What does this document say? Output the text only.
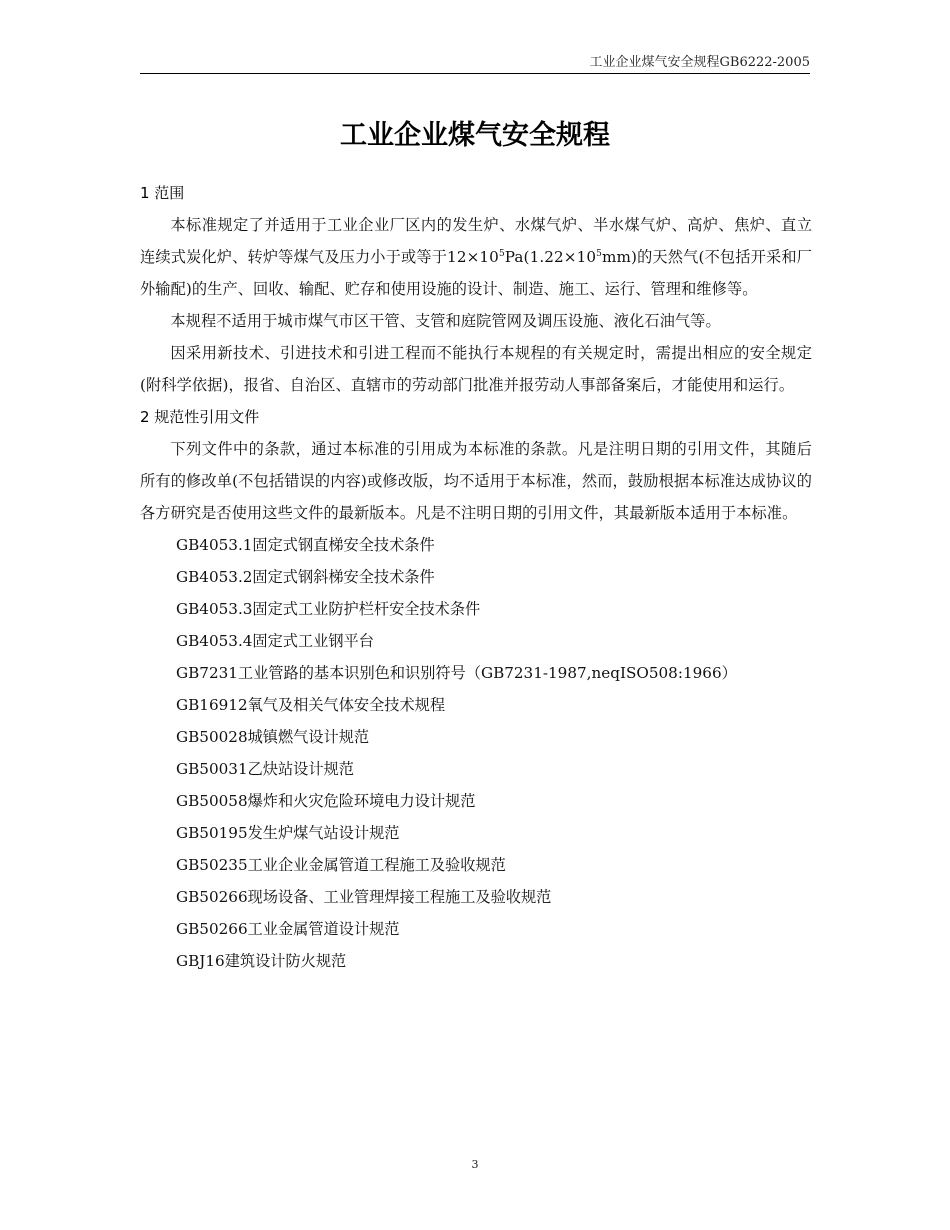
工业企业煤气安全规程GB6222-2005
工业企业煤气安全规程
1 范围

本标准规定了并适用于工业企业厂区内的发生炉、水煤气炉、半水煤气炉、高炉、焦炉、直立连续式炭化炉、转炉等煤气及压力小于或等于$12\times 10^5Pa(1.22\times 10^5mm)$的天然气(不包括开采和厂外输配)的生产、回收、输配、贮存和使用设施的设计、制造、施工、运行、管理和维修等。

本规程不适用于城市煤气市区干管、支管和庭院管网及调压设施、液化石油气等。

因采用新技术、引进技术和引进工程而不能执行本规程的有关规定时，需提出相应的安全规定(附科学依据)，报省、自治区、直辖市的劳动部门批准并报劳动人事部备案后，才能使用和运行。

2 规范性引用文件

下列文件中的条款，通过本标准的引用成为本标准的条款。凡是注明日期的引用文件，其随后所有的修改单(不包括错误的内容)或修改版，均不适用于本标准，然而，鼓励根据本标准达成协议的各方研究是否使用这些文件的最新版本。凡是不注明日期的引用文件，其最新版本适用于本标准。

GB4053.1固定式钢直梯安全技术条件
GB4053.2固定式钢斜梯安全技术条件
GB4053.3固定式工业防护栏杆安全技术条件
GB4053.4固定式工业钢平台
GB7231工业管路的基本识别色和识别符号（GB7231-1987,neqISO508:1966）
GB16912氧气及相关气体安全技术规程
GB50028城镇燃气设计规范
GB50031乙炔站设计规范
GB50058爆炸和火灾危险环境电力设计规范
GB50195发生炉煤气站设计规范
GB50235工业企业金属管道工程施工及验收规范
GB50266现场设备、工业管理焊接工程施工及验收规范
GB50266工业金属管道设计规范
GBJ16建筑设计防火规范
3
